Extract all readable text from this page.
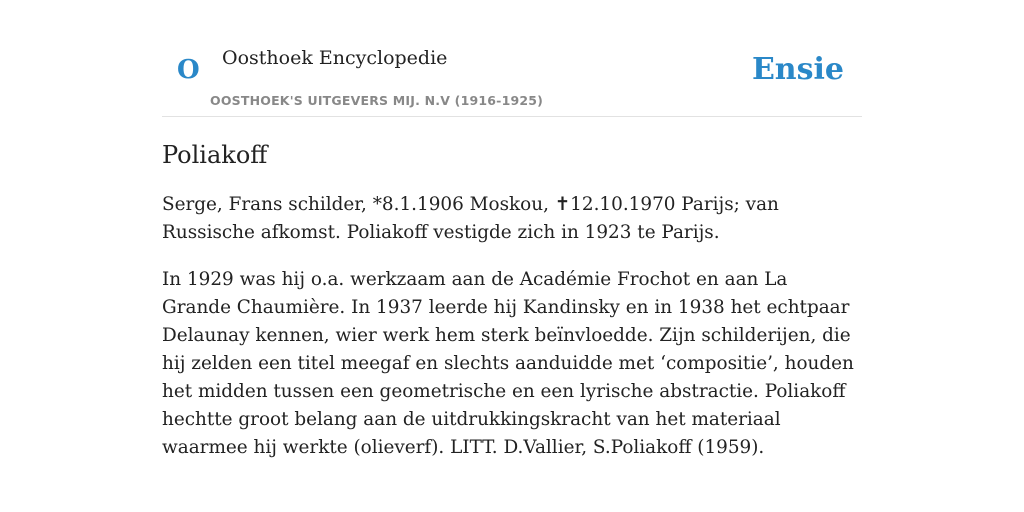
O Oosthoek Encyclopedie
OOSTHOEK'S UITGEVERS MIJ. N.V (1916-1925)
Ensie
Poliakoff

Serge, Frans schilder, *8.1.1906 Moskou, ✝12.10.1970 Parijs; van Russische afkomst. Poliakoff vestigde zich in 1923 te Parijs.

In 1929 was hij o.a. werkzaam aan de Académie Frochot en aan La Grande Chaumière. In 1937 leerde hij Kandinsky en in 1938 het echtpaar Delaunay kennen, wier werk hem sterk beïnvloedde. Zijn schilderijen, die hij zelden een titel meegaf en slechts aanduidde met ‘compositie’, houden het midden tussen een geometrische en een lyrische abstractie. Poliakoff hechtte groot belang aan de uitdrukkingskracht van het materiaal waarmee hij werkte (olieverf). LITT. D.Vallier, S.Poliakoff (1959).
